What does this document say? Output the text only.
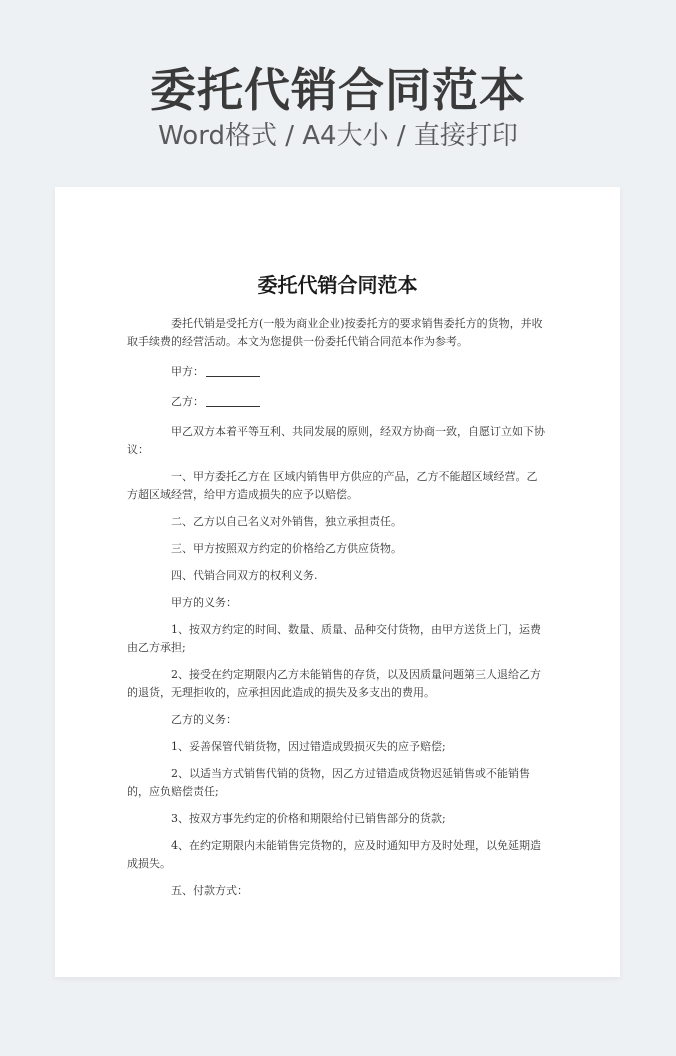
委托代销合同范本
Word格式 / A4大小 / 直接打印
委托代销合同范本

委托代销是受托方(一般为商业企业)按委托方的要求销售委托方的货物，并收取手续费的经营活动。本文为您提供一份委托代销合同范本作为参考。

甲方：

乙方：

甲乙双方本着平等互利、共同发展的原则，经双方协商一致，自愿订立如下协议：

一、甲方委托乙方在 区域内销售甲方供应的产品，乙方不能超区域经营。乙方超区域经营，给甲方造成损失的应予以赔偿。

二、乙方以自己名义对外销售，独立承担责任。

三、甲方按照双方约定的价格给乙方供应货物。

四、代销合同双方的权利义务.

甲方的义务：

1、按双方约定的时间、数量、质量、品种交付货物，由甲方送货上门，运费由乙方承担;

2、接受在约定期限内乙方未能销售的存货，以及因质量问题第三人退给乙方的退货，无理拒收的，应承担因此造成的损失及多支出的费用。

乙方的义务：

1、妥善保管代销货物，因过错造成毁损灭失的应予赔偿;

2、以适当方式销售代销的货物，因乙方过错造成货物迟延销售或不能销售的，应负赔偿责任;

3、按双方事先约定的价格和期限给付已销售部分的货款;

4、在约定期限内未能销售完货物的，应及时通知甲方及时处理，以免延期造成损失。

五、付款方式：
